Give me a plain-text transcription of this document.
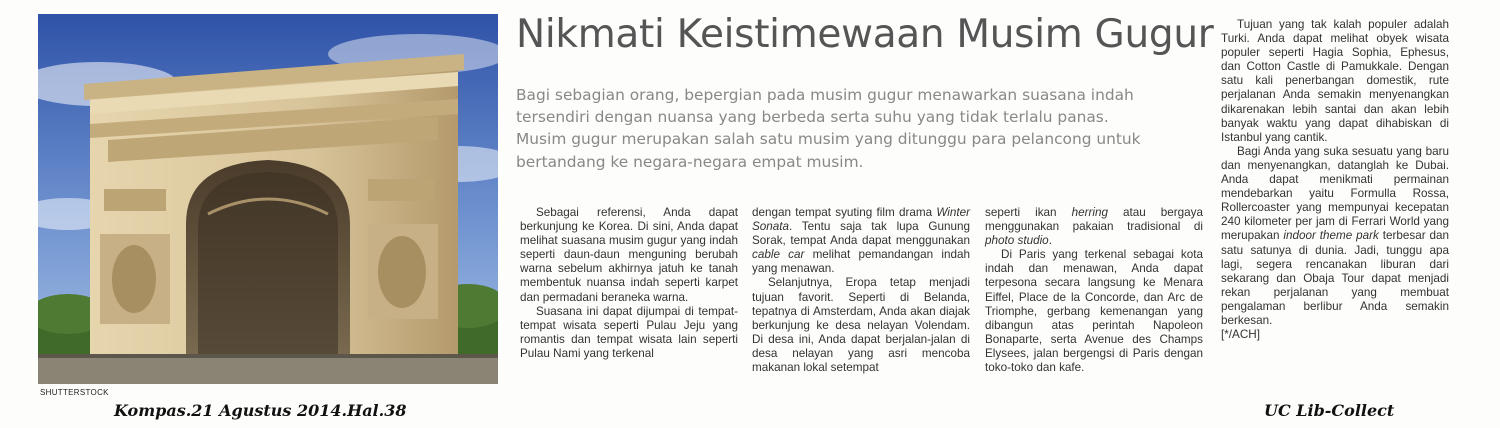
SHUTTERSTOCK
Nikmati Keistimewaan Musim Gugur
Bagi sebagian orang, bepergian pada musim gugur menawarkan suasana indah
tersendiri dengan nuansa yang berbeda serta suhu yang tidak terlalu panas.
Musim gugur merupakan salah satu musim yang ditunggu para pelancong untuk
bertandang ke negara-negara empat musim.

Sebagai referensi, Anda dapat berkunjung ke Korea. Di sini, Anda dapat melihat suasana musim gugur yang indah seperti daun-daun menguning berubah warna sebelum akhirnya jatuh ke tanah membentuk nuansa indah seperti karpet dan permadani beraneka warna.

Suasana ini dapat dijumpai di tempat-tempat wisata seperti Pulau Jeju yang romantis dan tempat wisata lain seperti Pulau Nami yang terkenal

dengan tempat syuting film drama Winter Sonata. Tentu saja tak lupa Gunung Sorak, tempat Anda dapat menggunakan cable car melihat pemandangan indah yang menawan.

Selanjutnya, Eropa tetap menjadi tujuan favorit. Seperti di Belanda, tepatnya di Amsterdam, Anda akan diajak berkunjung ke desa nelayan Volendam. Di desa ini, Anda dapat berjalan-jalan di desa nelayan yang asri mencoba makanan lokal setempat

seperti ikan herring atau bergaya menggunakan pakaian tradisional di photo studio.

Di Paris yang terkenal sebagai kota indah dan menawan, Anda dapat terpesona secara langsung ke Menara Eiffel, Place de la Concorde, dan Arc de Triomphe, gerbang kemenangan yang dibangun atas perintah Napoleon Bonaparte, serta Avenue des Champs Elysees, jalan bergengsi di Paris dengan toko-toko dan kafe.

Tujuan yang tak kalah populer adalah Turki. Anda dapat melihat obyek wisata populer seperti Hagia Sophia, Ephesus, dan Cotton Castle di Pamukkale. Dengan satu kali penerbangan domestik, rute perjalanan Anda semakin menyenangkan dikarenakan lebih santai dan akan lebih banyak waktu yang dapat dihabiskan di Istanbul yang cantik.

Bagi Anda yang suka sesuatu yang baru dan menyenangkan, datanglah ke Dubai. Anda dapat menikmati permainan mendebarkan yaitu Formulla Rossa, Rollercoaster yang mempunyai kecepatan 240 kilometer per jam di Ferrari World yang merupakan indoor theme park terbesar dan satu satunya di dunia. Jadi, tunggu apa lagi, segera rencanakan liburan dari sekarang dan Obaja Tour dapat menjadi rekan perjalanan yang membuat pengalaman berlibur Anda semakin berkesan.

[*/ACH]

Kompas.21 Agustus 2014.Hal.38	UC Lib-Collect
